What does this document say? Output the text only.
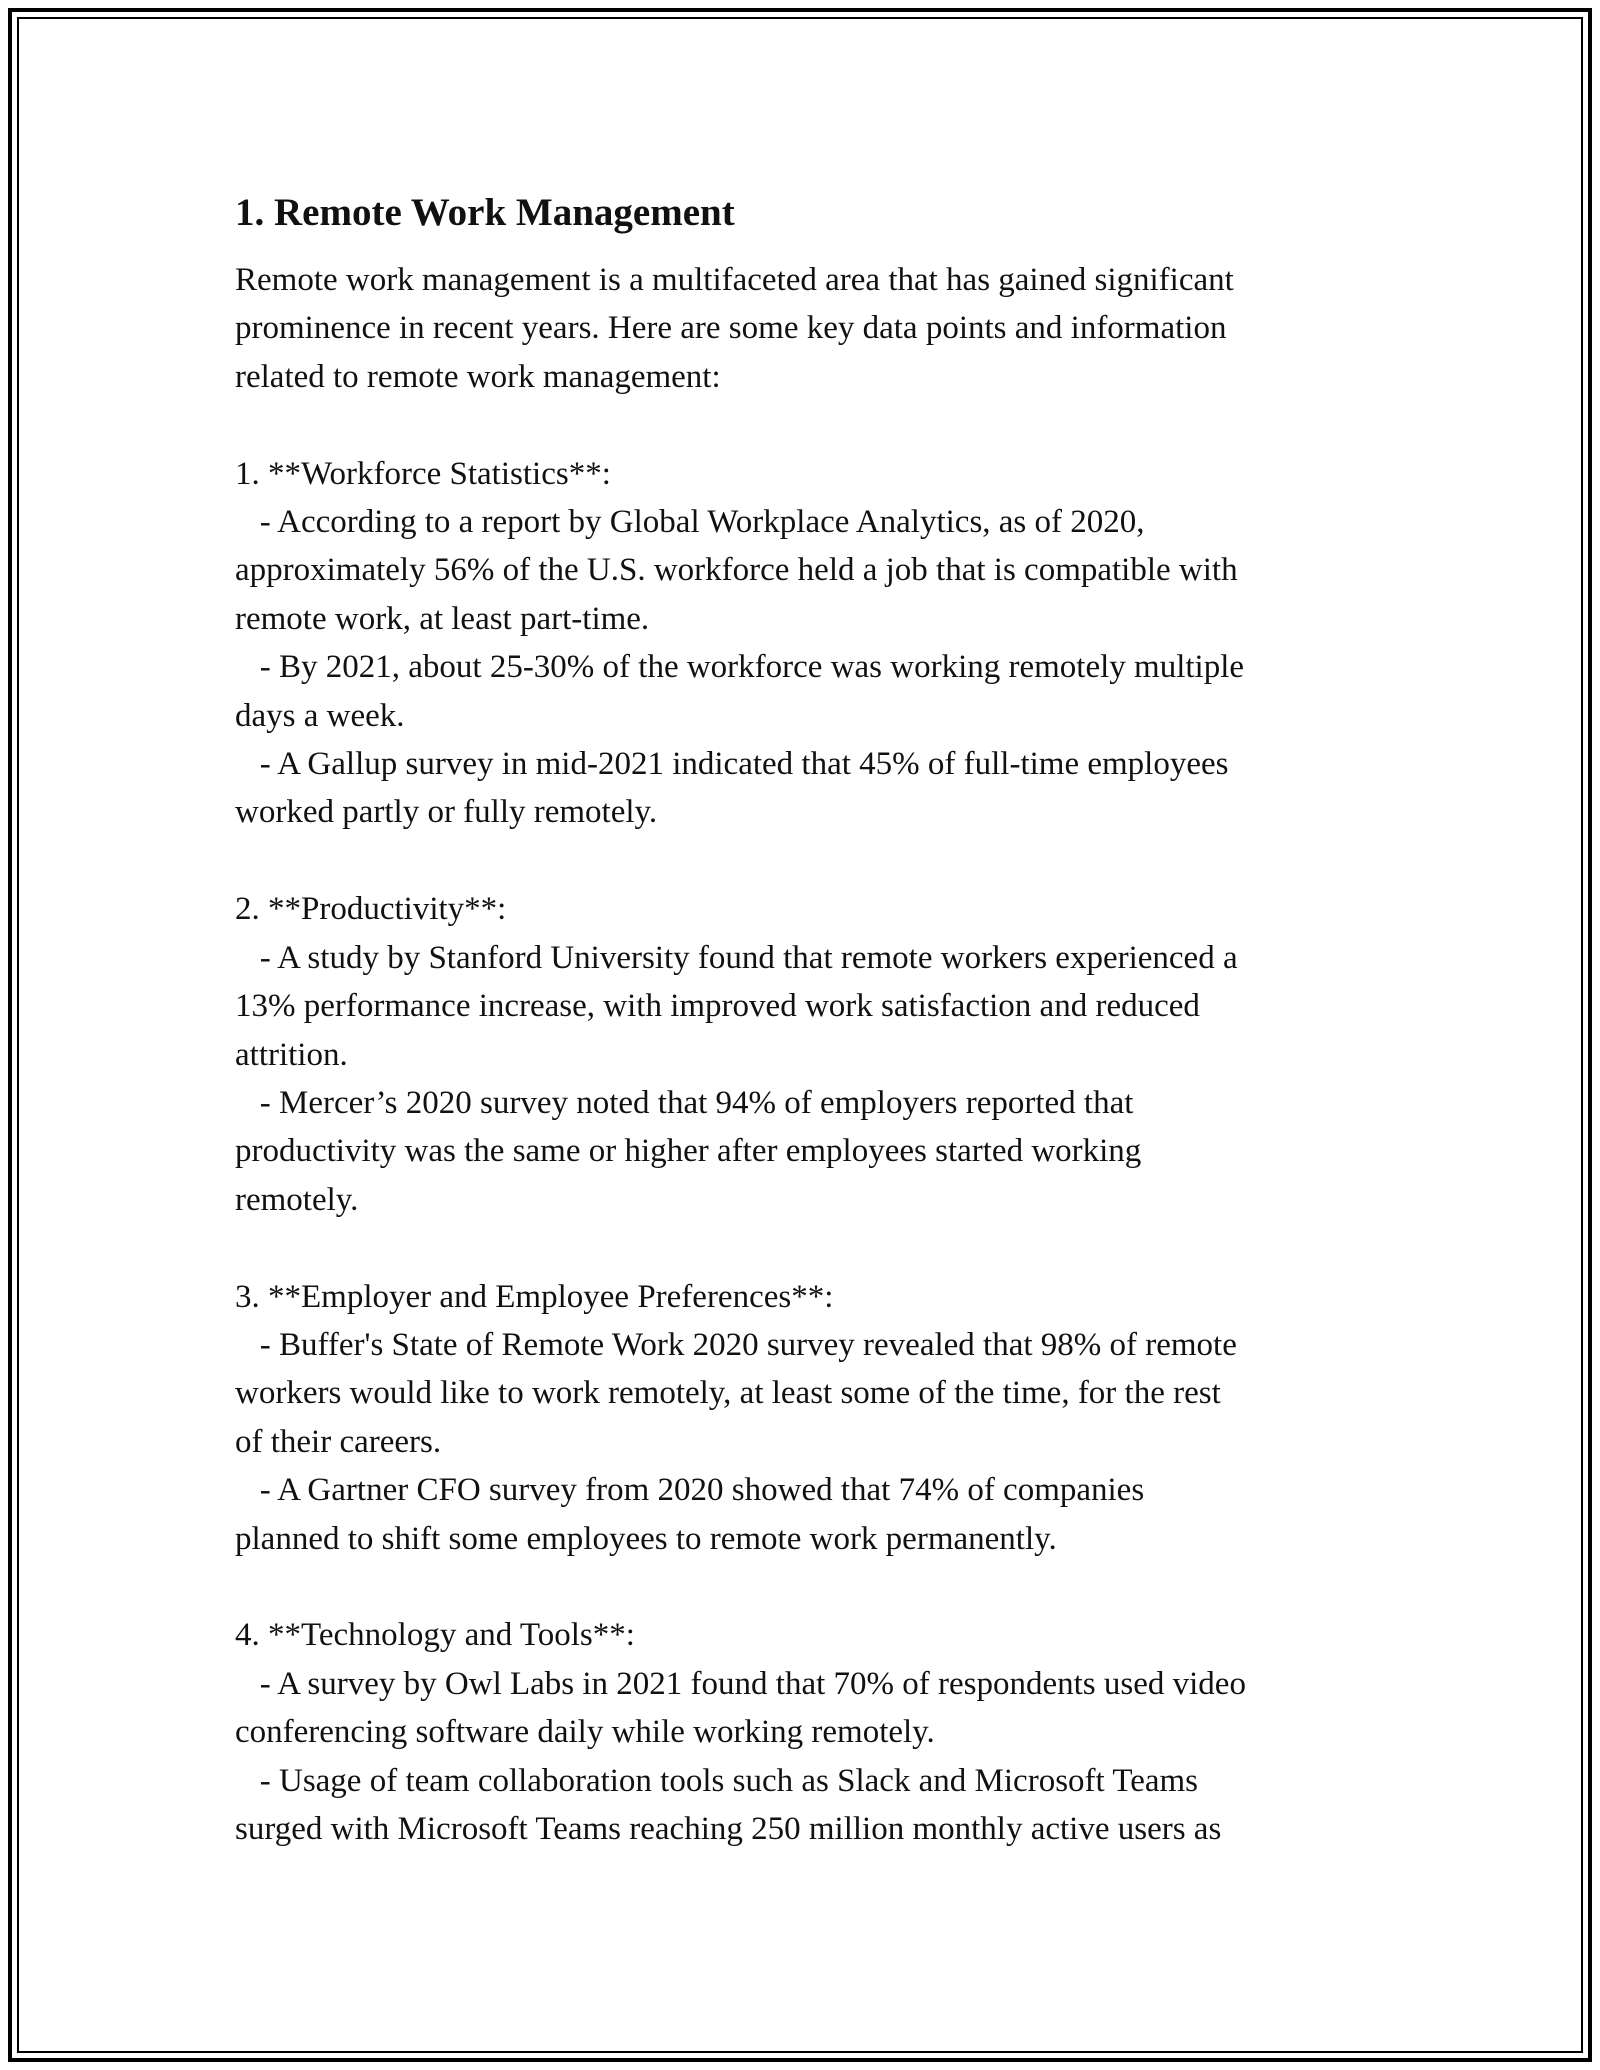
1. Remote Work Management

Remote work management is a multifaceted area that has gained significant
prominence in recent years. Here are some key data points and information
related to remote work management:

1. **Workforce Statistics**:
- According to a report by Global Workplace Analytics, as of 2020,
approximately 56% of the U.S. workforce held a job that is compatible with
remote work, at least part-time.
- By 2021, about 25-30% of the workforce was working remotely multiple
days a week.
- A Gallup survey in mid-2021 indicated that 45% of full-time employees
worked partly or fully remotely.

2. **Productivity**:
- A study by Stanford University found that remote workers experienced a
13% performance increase, with improved work satisfaction and reduced
attrition.
- Mercer’s 2020 survey noted that 94% of employers reported that
productivity was the same or higher after employees started working
remotely.

3. **Employer and Employee Preferences**:
- Buffer's State of Remote Work 2020 survey revealed that 98% of remote
workers would like to work remotely, at least some of the time, for the rest
of their careers.
- A Gartner CFO survey from 2020 showed that 74% of companies
planned to shift some employees to remote work permanently.

4. **Technology and Tools**:
- A survey by Owl Labs in 2021 found that 70% of respondents used video
conferencing software daily while working remotely.
- Usage of team collaboration tools such as Slack and Microsoft Teams
surged with Microsoft Teams reaching 250 million monthly active users as
